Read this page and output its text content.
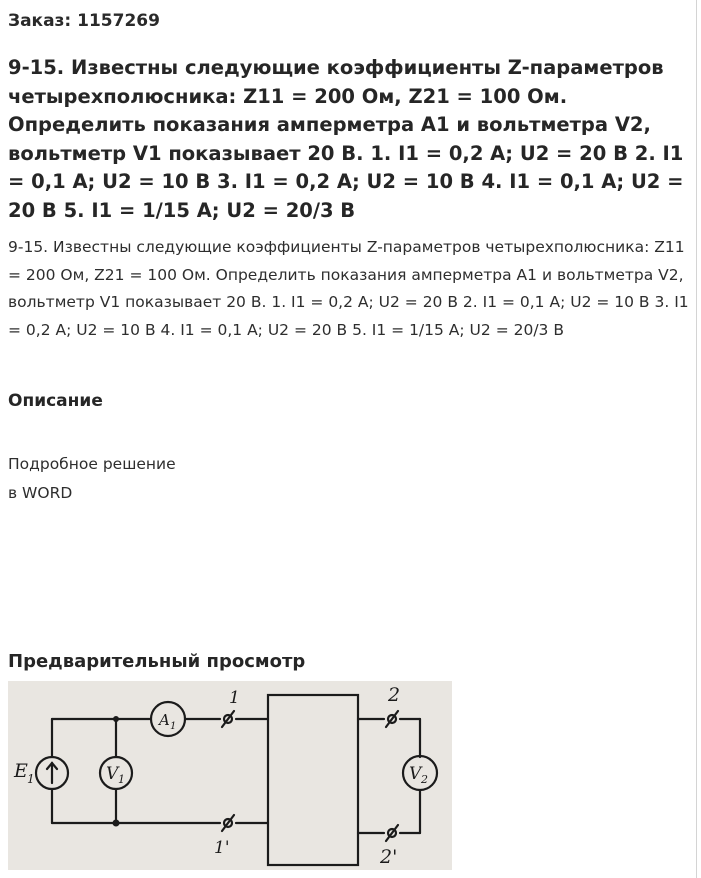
Заказ: 1157269
9-15. Известны следующие коэффициенты Z-параметров четырехполюсника: Z11 = 200 Ом, Z21 = 100 Ом. Определить показания амперметра A1 и вольтметра V2, вольтметр V1 показывает 20 В. 1. I1 = 0,2 А; U2 = 20 В 2. I1 = 0,1 А; U2 = 10 В 3. I1 = 0,2 А; U2 = 10 В 4. I1 = 0,1 А; U2 = 20 В 5. I1 = 1/15 А; U2 = 20/3 В

9-15. Известны следующие коэффициенты Z-параметров четырехполюсника: Z11 = 200 Ом, Z21 = 100 Ом. Определить показания амперметра A1 и вольтметра V2, вольтметр V1 показывает 20 В. 1. I1 = 0,2 А; U2 = 20 В 2. I1 = 0,1 А; U2 = 10 В 3. I1 = 0,2 А; U2 = 10 В 4. I1 = 0,1 А; U2 = 20 В 5. I1 = 1/15 А; U2 = 20/3 В

Описание
Подробное решение
в WORD
Предварительный просмотр
E 1
A 1
V 1	V 2
1
1'
2
2'
